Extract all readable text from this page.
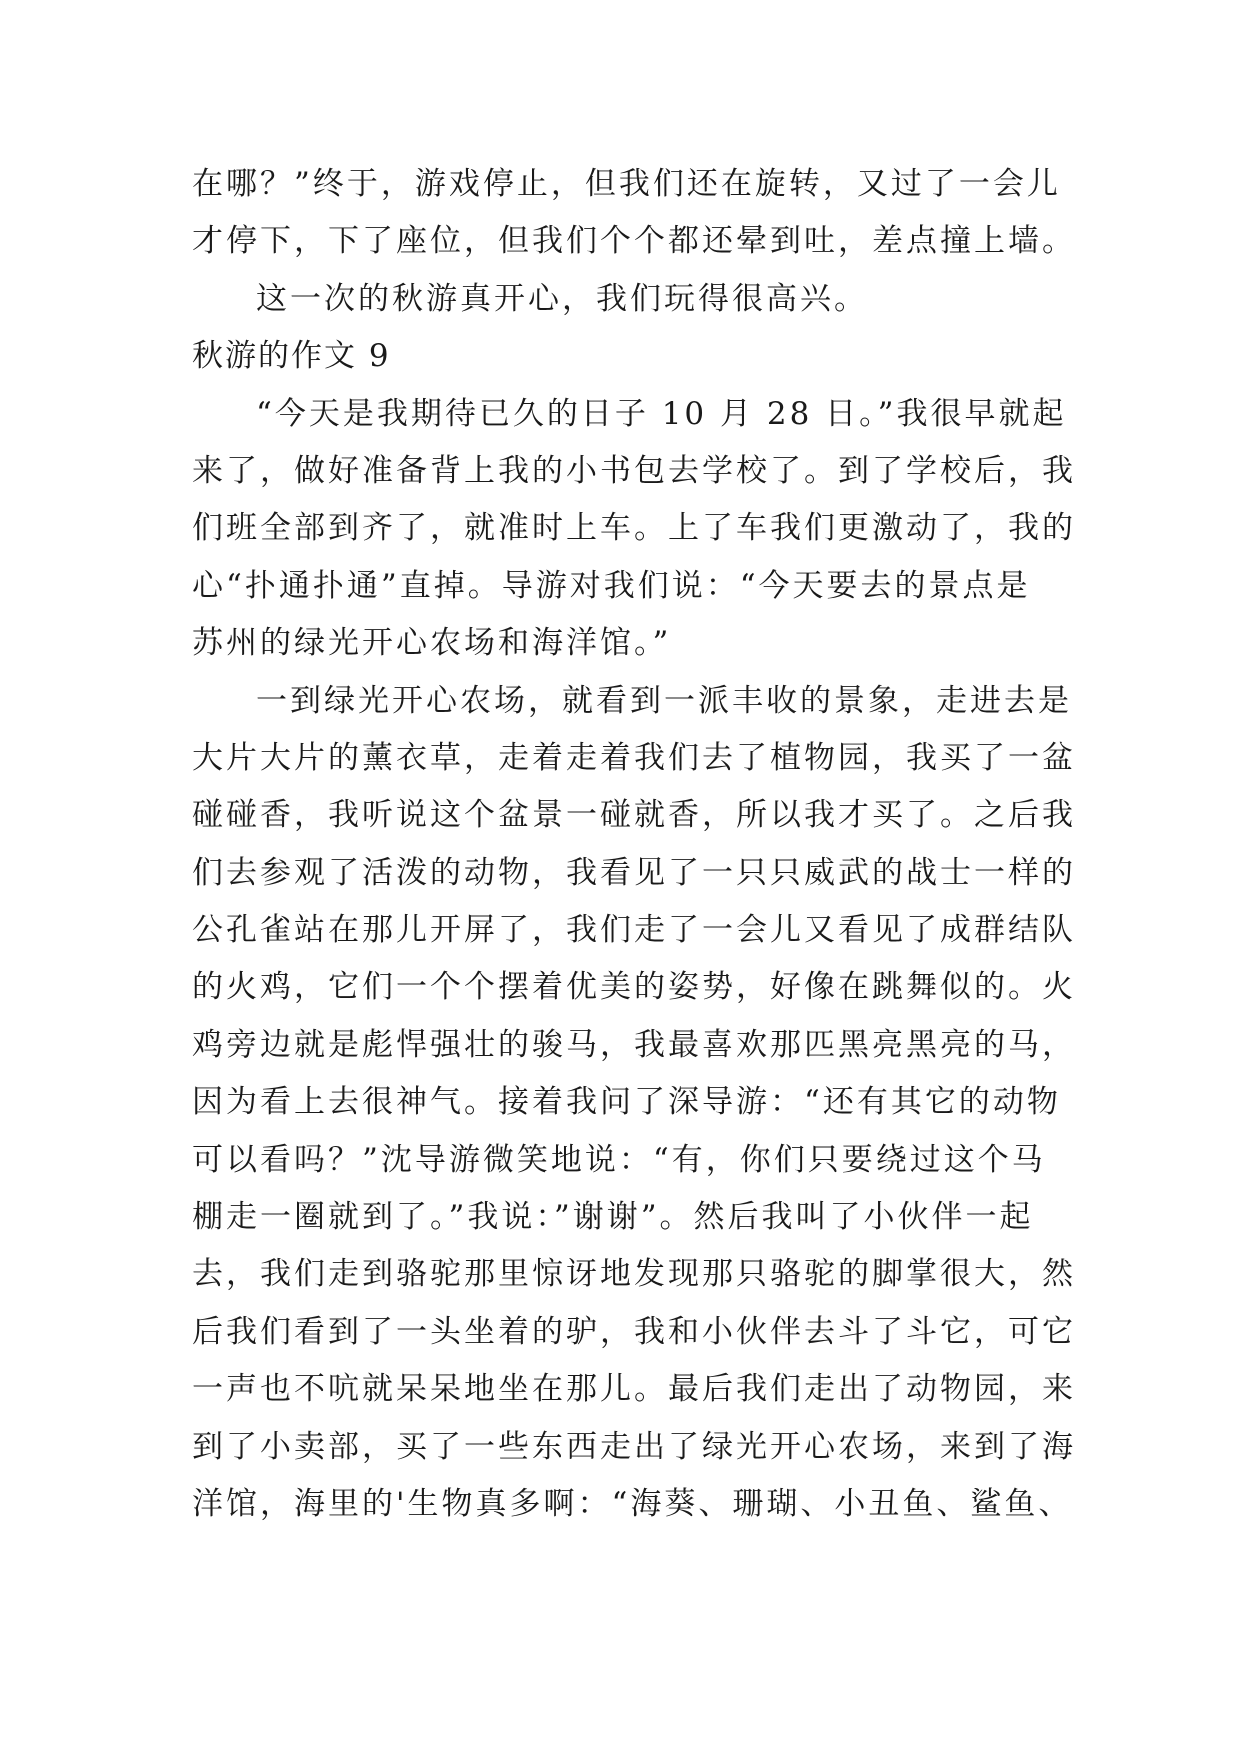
在哪？”终于，游戏停止，但我们还在旋转，又过了一会儿
才停下，下了座位，但我们个个都还晕到吐，差点撞上墙。
这一次的秋游真开心，我们玩得很高兴。
秋游的作文 9
“今天是我期待已久的日子 10 月 28 日。”我很早就起
来了，做好准备背上我的小书包去学校了。到了学校后，我
们班全部到齐了，就准时上车。上了车我们更激动了，我的
心“扑通扑通”直掉。导游对我们说：“今天要去的景点是
苏州的绿光开心农场和海洋馆。”
一到绿光开心农场，就看到一派丰收的景象，走进去是
大片大片的薰衣草，走着走着我们去了植物园，我买了一盆
碰碰香，我听说这个盆景一碰就香，所以我才买了。之后我
们去参观了活泼的动物，我看见了一只只威武的战士一样的
公孔雀站在那儿开屏了，我们走了一会儿又看见了成群结队
的火鸡，它们一个个摆着优美的姿势，好像在跳舞似的。火
鸡旁边就是彪悍强壮的骏马，我最喜欢那匹黑亮黑亮的马，
因为看上去很神气。接着我问了深导游：“还有其它的动物
可以看吗？”沈导游微笑地说：“有，你们只要绕过这个马
棚走一圈就到了。”我说：”谢谢”。然后我叫了小伙伴一起
去，我们走到骆驼那里惊讶地发现那只骆驼的脚掌很大，然
后我们看到了一头坐着的驴，我和小伙伴去斗了斗它，可它
一声也不吭就呆呆地坐在那儿。最后我们走出了动物园，来
到了小卖部，买了一些东西走出了绿光开心农场，来到了海
洋馆，海里的'生物真多啊：“海葵、珊瑚、小丑鱼、鲨鱼、
